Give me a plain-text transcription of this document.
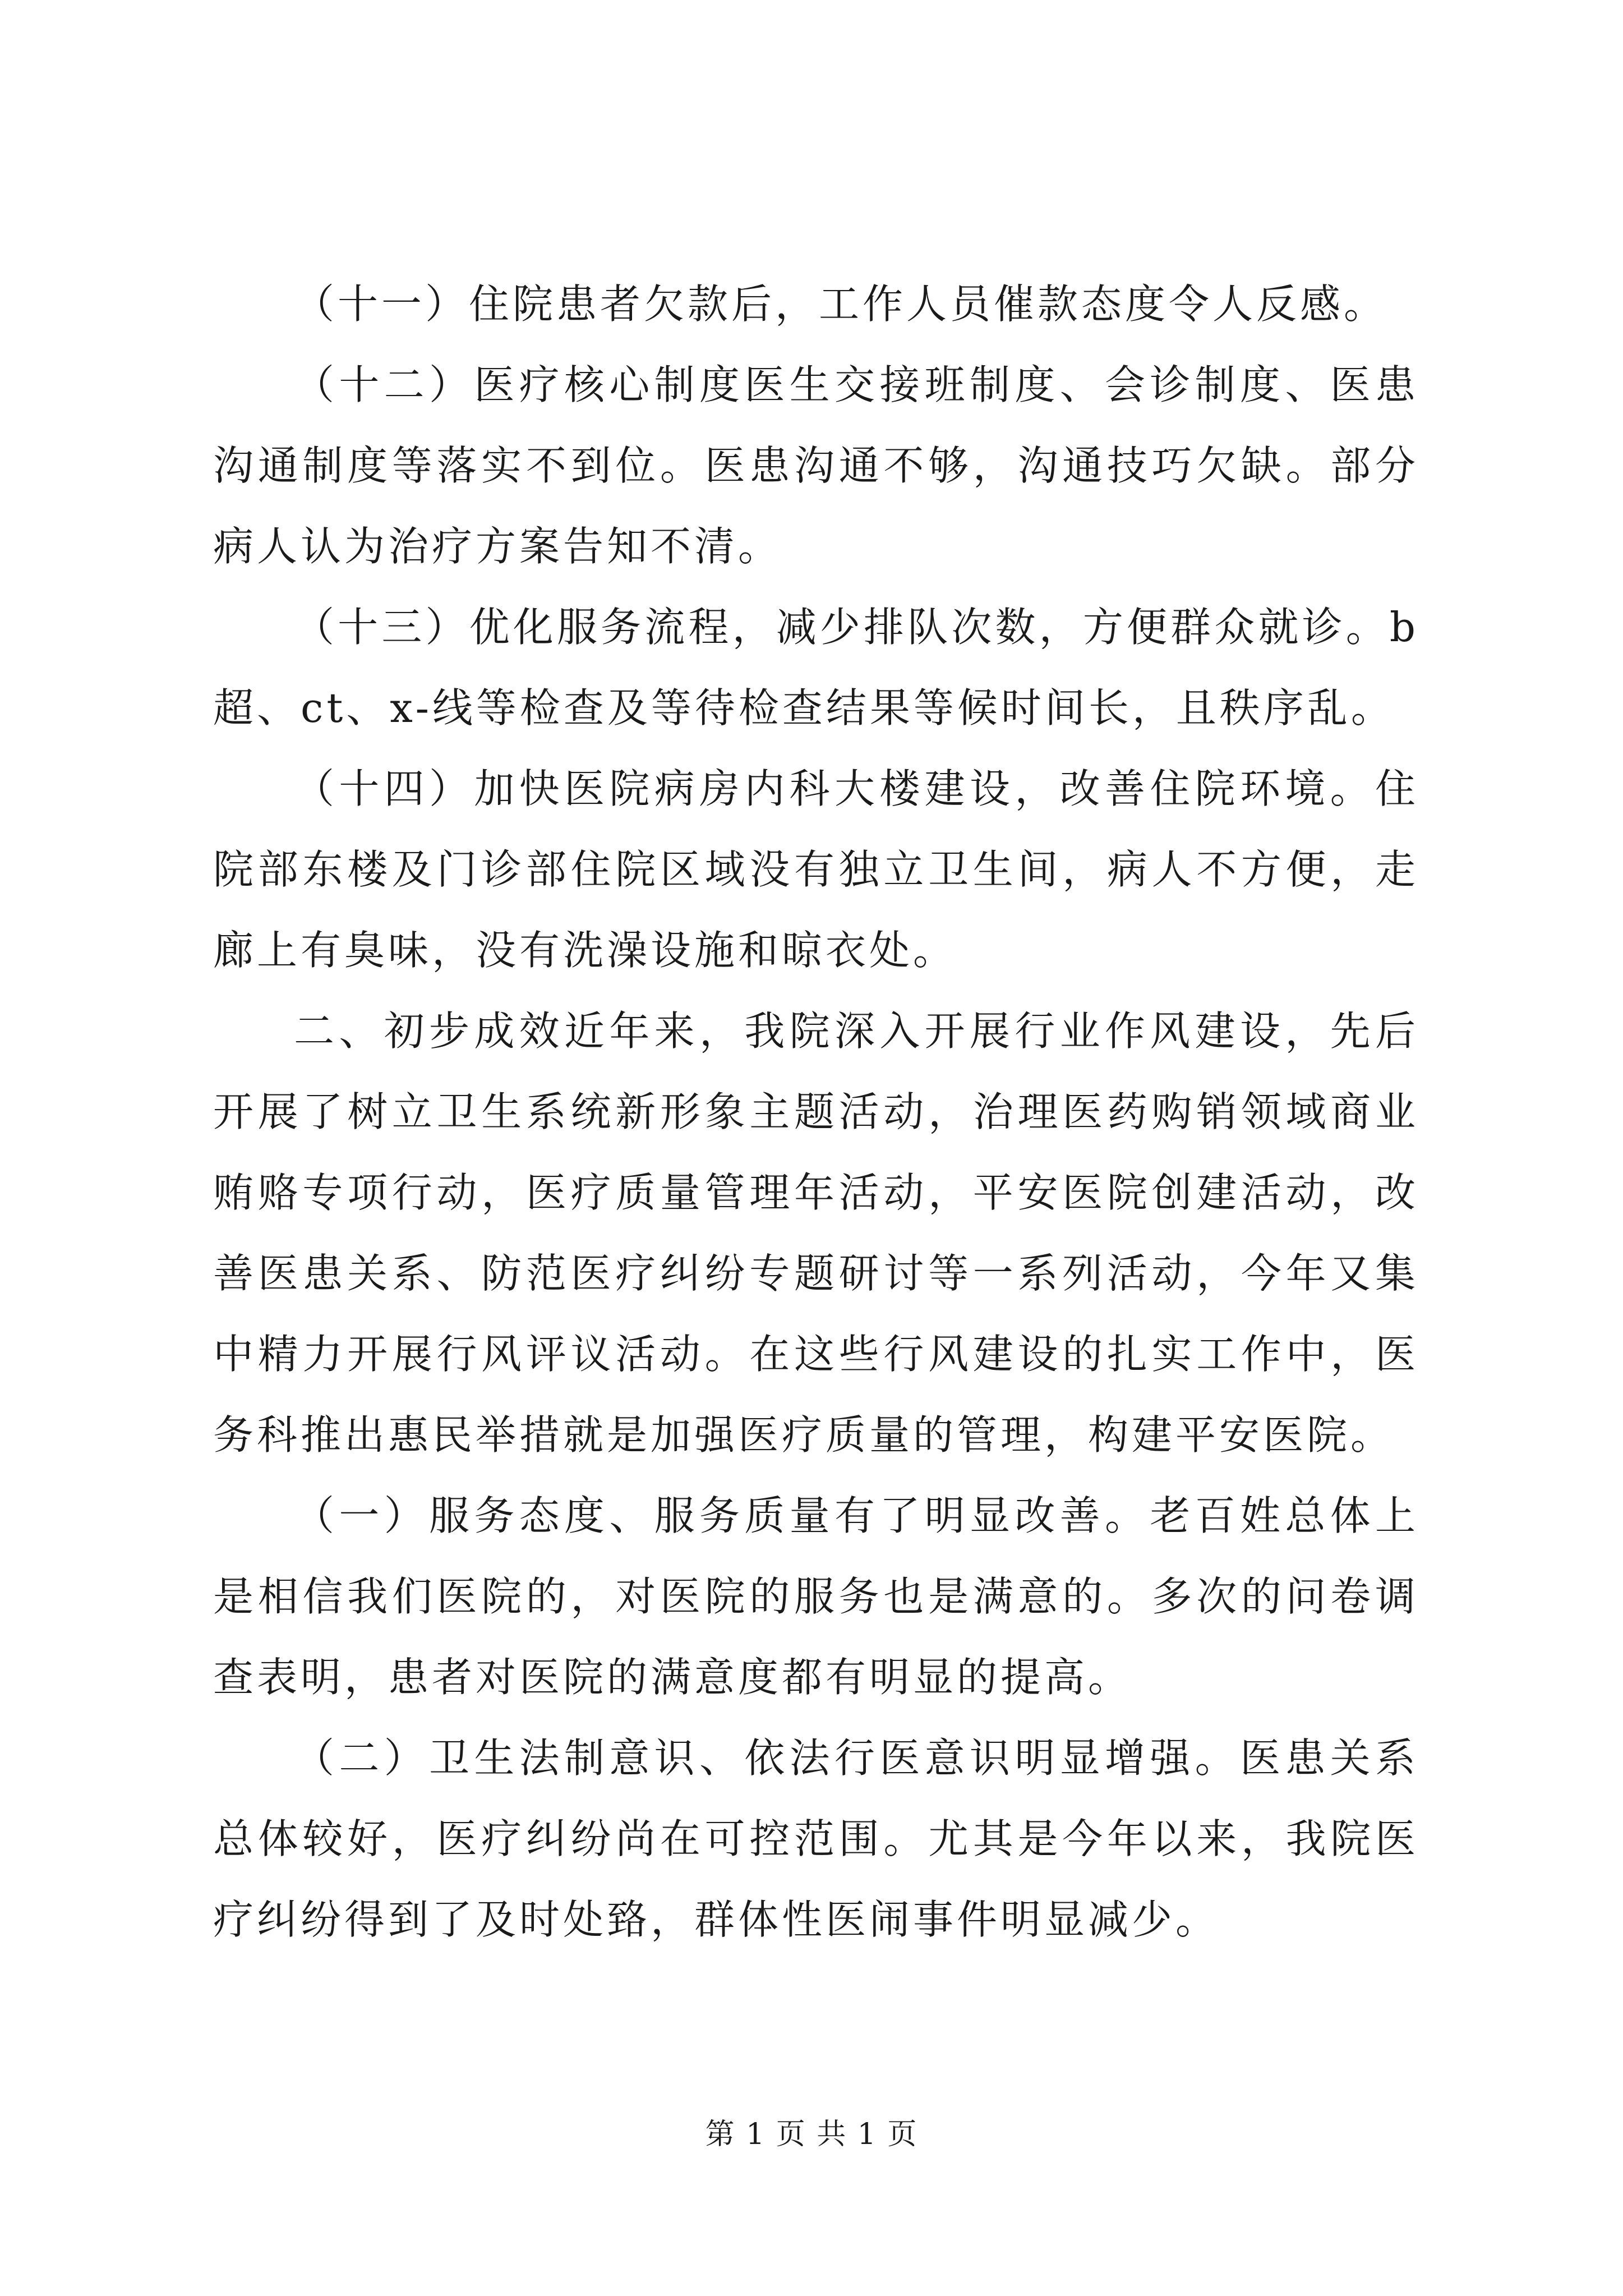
（十一）住院患者欠款后，工作人员催款态度令人反感。

（十二）医疗核心制度医生交接班制度、会诊制度、医患沟通制度等落实不到位。医患沟通不够，沟通技巧欠缺。部分病人认为治疗方案告知不清。

（十三）优化服务流程，减少排队次数，方便群众就诊。b超、ct、x-线等检查及等待检查结果等候时间长，且秩序乱。

（十四）加快医院病房内科大楼建设，改善住院环境。住院部东楼及门诊部住院区域没有独立卫生间，病人不方便，走廊上有臭味，没有洗澡设施和晾衣处。

二、初步成效近年来，我院深入开展行业作风建设，先后开展了树立卫生系统新形象主题活动，治理医药购销领域商业贿赂专项行动，医疗质量管理年活动，平安医院创建活动，改善医患关系、防范医疗纠纷专题研讨等一系列活动，今年又集中精力开展行风评议活动。在这些行风建设的扎实工作中，医务科推出惠民举措就是加强医疗质量的管理，构建平安医院。

（一）服务态度、服务质量有了明显改善。老百姓总体上是相信我们医院的，对医院的服务也是满意的。多次的问卷调查表明，患者对医院的满意度都有明显的提高。

（二）卫生法制意识、依法行医意识明显增强。医患关系总体较好，医疗纠纷尚在可控范围。尤其是今年以来，我院医疗纠纷得到了及时处臵，群体性医闹事件明显减少。

第 1 页 共 1 页
